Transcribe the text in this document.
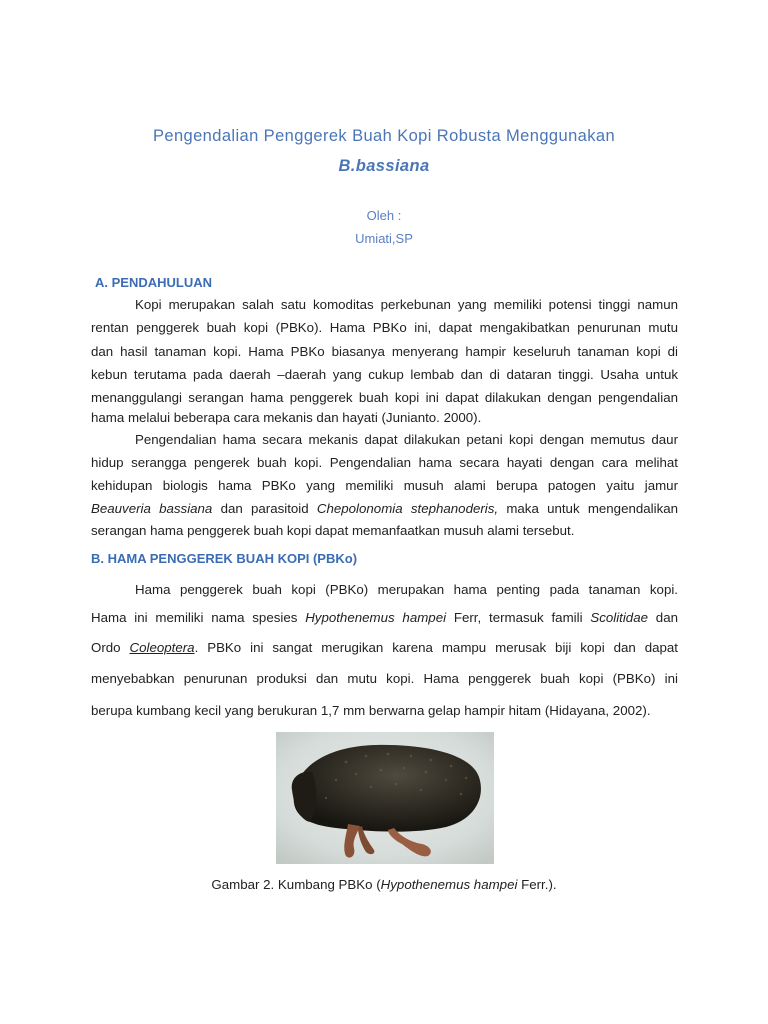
Pengendalian Penggerek Buah Kopi Robusta Menggunakan
B.bassiana
Oleh :
Umiati,SP
A. PENDAHULUAN
Kopi merupakan salah satu komoditas perkebunan yang memiliki potensi tinggi namun
rentan penggerek buah kopi (PBKo). Hama PBKo ini, dapat mengakibatkan penurunan mutu
dan hasil tanaman kopi. Hama PBKo biasanya menyerang hampir keseluruh tanaman kopi di
kebun terutama pada daerah –daerah yang cukup lembab dan di dataran tinggi. Usaha untuk
menanggulangi serangan hama penggerek buah kopi ini dapat dilakukan dengan pengendalian
hama melalui beberapa cara mekanis dan hayati (Junianto. 2000).
Pengendalian hama secara mekanis dapat dilakukan petani kopi dengan memutus daur
hidup serangga pengerek buah kopi. Pengendalian hama secara hayati dengan cara melihat
kehidupan biologis hama PBKo yang memiliki musuh alami berupa patogen yaitu jamur
Beauveria bassiana dan parasitoid Chepolonomia stephanoderis, maka untuk mengendalikan
serangan hama penggerek buah kopi dapat memanfaatkan musuh alami tersebut.
B. HAMA PENGGEREK BUAH KOPI (PBKo)
Hama penggerek buah kopi (PBKo) merupakan hama penting pada tanaman kopi.
Hama ini memiliki nama spesies Hypothenemus hampei Ferr, termasuk famili Scolitidae dan
Ordo Coleoptera. PBKo ini sangat merugikan karena mampu merusak biji kopi dan dapat
menyebabkan penurunan produksi dan mutu kopi. Hama penggerek buah kopi (PBKo) ini
berupa kumbang kecil yang berukuran 1,7 mm berwarna gelap hampir hitam (Hidayana, 2002).
Gambar 2. Kumbang PBKo (Hypothenemus hampei Ferr.).
